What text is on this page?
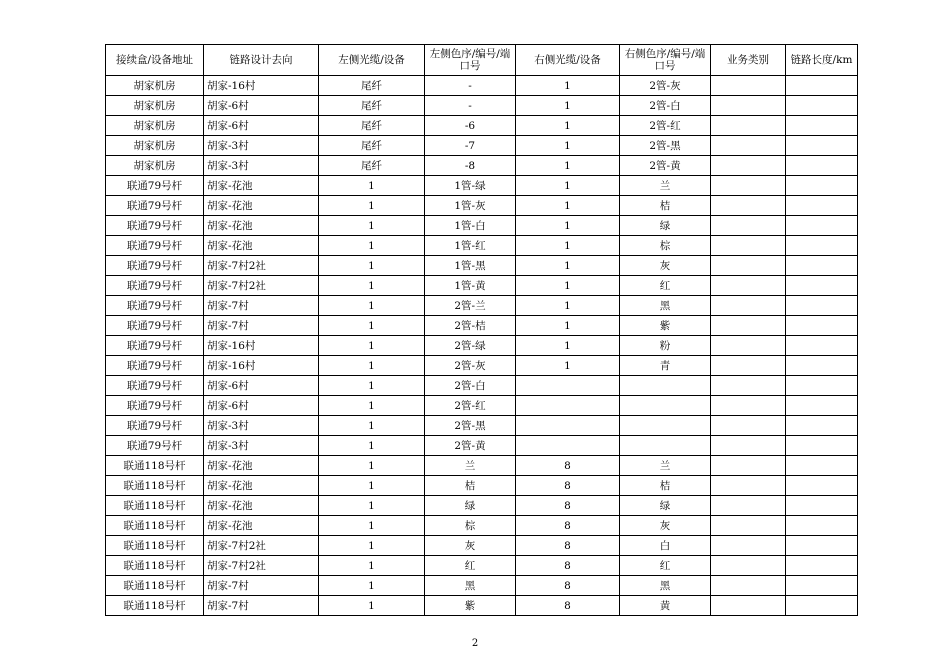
接续盒/设备地址	链路设计去向	左侧光缆/设备	左侧色序/编号/端口号	右侧光缆/设备	右侧色序/编号/端口号	业务类别	链路长度/km
胡家机房	胡家-16村	尾纤	-	1	2管-灰		
胡家机房	胡家-6村	尾纤	-	1	2管-白		
胡家机房	胡家-6村	尾纤	-6	1	2管-红		
胡家机房	胡家-3村	尾纤	-7	1	2管-黑		
胡家机房	胡家-3村	尾纤	-8	1	2管-黄		
联通79号杆	胡家-花池	1	1管-绿	1	兰		
联通79号杆	胡家-花池	1	1管-灰	1	桔		
联通79号杆	胡家-花池	1	1管-白	1	绿		
联通79号杆	胡家-花池	1	1管-红	1	棕		
联通79号杆	胡家-7村2社	1	1管-黑	1	灰		
联通79号杆	胡家-7村2社	1	1管-黄	1	红		
联通79号杆	胡家-7村	1	2管-兰	1	黑		
联通79号杆	胡家-7村	1	2管-桔	1	紫		
联通79号杆	胡家-16村	1	2管-绿	1	粉		
联通79号杆	胡家-16村	1	2管-灰	1	青		
联通79号杆	胡家-6村	1	2管-白				
联通79号杆	胡家-6村	1	2管-红				
联通79号杆	胡家-3村	1	2管-黑				
联通79号杆	胡家-3村	1	2管-黄				
联通118号杆	胡家-花池	1	兰	8	兰		
联通118号杆	胡家-花池	1	桔	8	桔		
联通118号杆	胡家-花池	1	绿	8	绿		
联通118号杆	胡家-花池	1	棕	8	灰		
联通118号杆	胡家-7村2社	1	灰	8	白		
联通118号杆	胡家-7村2社	1	红	8	红		
联通118号杆	胡家-7村	1	黑	8	黑		
联通118号杆	胡家-7村	1	紫	8	黄		
2
